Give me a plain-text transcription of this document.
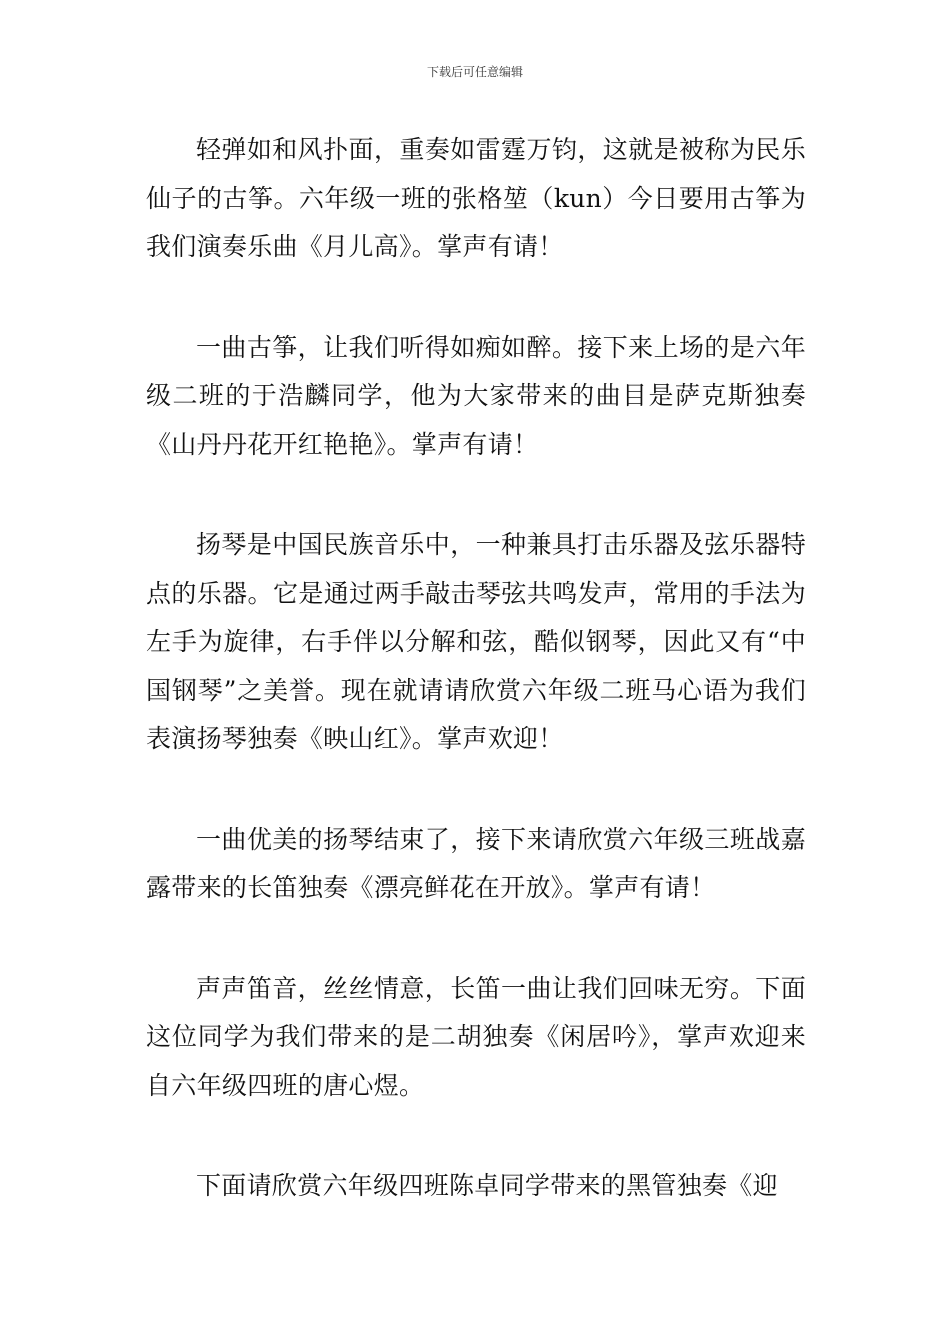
下载后可任意编辑

轻弹如和风扑面，重奏如雷霆万钧，这就是被称为民乐仙子的古筝。六年级一班的张格堃（kun）今日要用古筝为我们演奏乐曲《月儿高》。掌声有请！

一曲古筝，让我们听得如痴如醉。接下来上场的是六年级二班的于浩麟同学，他为大家带来的曲目是萨克斯独奏《山丹丹花开红艳艳》。掌声有请！

扬琴是中国民族音乐中，一种兼具打击乐器及弦乐器特点的乐器。它是通过两手敲击琴弦共鸣发声，常用的手法为左手为旋律，右手伴以分解和弦，酷似钢琴，因此又有“中国钢琴”之美誉。现在就请请欣赏六年级二班马心语为我们表演扬琴独奏《映山红》。掌声欢迎！

一曲优美的扬琴结束了，接下来请欣赏六年级三班战嘉露带来的长笛独奏《漂亮鲜花在开放》。掌声有请！

声声笛音，丝丝情意，长笛一曲让我们回味无穷。下面这位同学为我们带来的是二胡独奏《闲居吟》，掌声欢迎来自六年级四班的唐心煜。

下面请欣赏六年级四班陈卓同学带来的黑管独奏《迎
